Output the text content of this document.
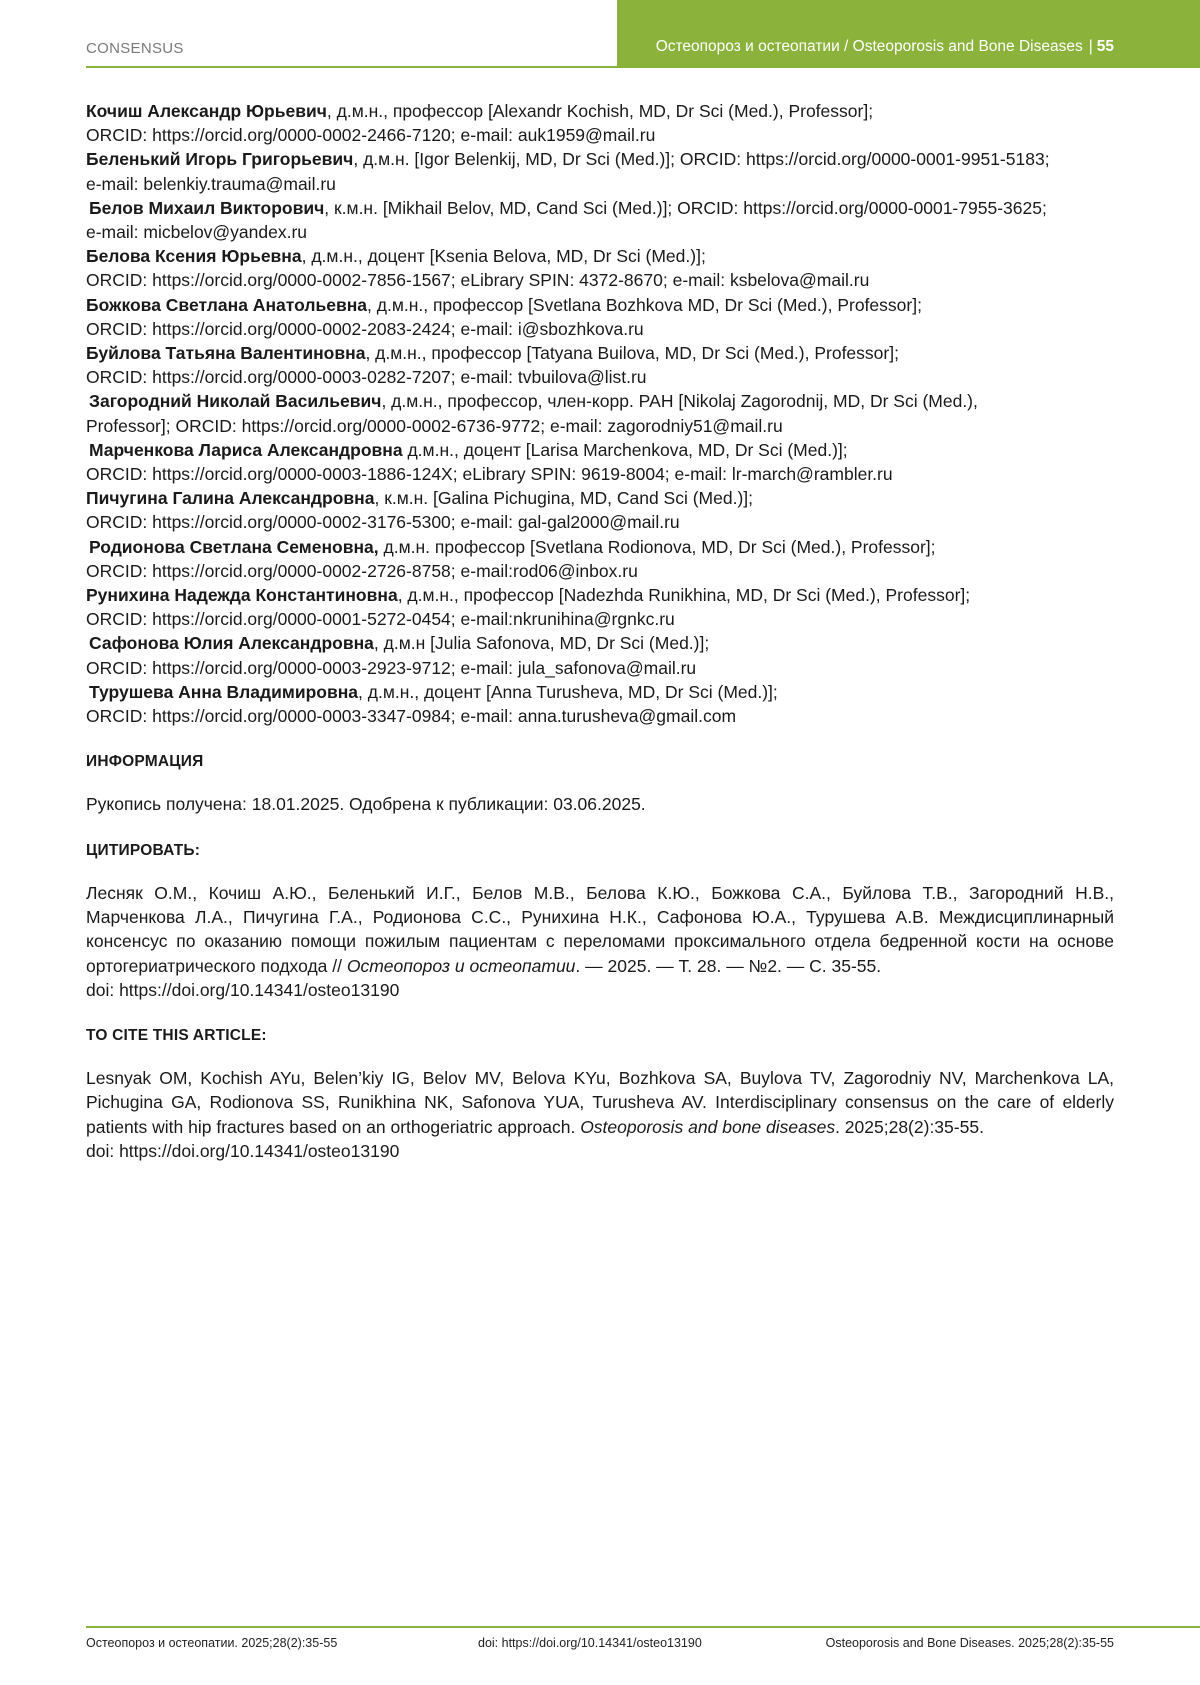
CONSENSUS	Остеопороз и остеопатии / Osteoporosis and Bone Diseases | 55
Кочиш Александр Юрьевич, д.м.н., профессор [Alexandr Kochish, MD, Dr Sci (Med.), Professor];
ORCID: https://orcid.org/0000-0002-2466-7120; e-mail: auk1959@mail.ru
Беленький Игорь Григорьевич, д.м.н. [Igor Belenkij, MD, Dr Sci (Med.)]; ORCID: https://orcid.org/0000-0001-9951-5183;
e-mail: belenkiy.trauma@mail.ru
Белов Михаил Викторович, к.м.н. [Mikhail Belov, MD, Cand Sci (Med.)]; ORCID: https://orcid.org/0000-0001-7955-3625;
e-mail: micbelov@yandex.ru
Белова Ксения Юрьевна, д.м.н., доцент [Ksenia Belova, MD, Dr Sci (Med.)];
ORCID: https://orcid.org/0000-0002-7856-1567; eLibrary SPIN: 4372-8670; e-mail: ksbelova@mail.ru
Божкова Светлана Анатольевна, д.м.н., профессор [Svetlana Bozhkova MD, Dr Sci (Med.), Professor];
ORCID: https://orcid.org/0000-0002-2083-2424; e-mail: i@sbozhkova.ru
Буйлова Татьяна Валентиновна, д.м.н., профессор [Tatyana Builova, MD, Dr Sci (Med.), Professor];
ORCID: https://orcid.org/0000-0003-0282-7207; e-mail: tvbuilova@list.ru
Загородний Николай Васильевич, д.м.н., профессор, член-корр. РАН [Nikolaj Zagorodnij, MD, Dr Sci (Med.),
Professor]; ORCID: https://orcid.org/0000-0002-6736-9772; e-mail: zagorodniy51@mail.ru
Марченкова Лариса Александровна д.м.н., доцент [Larisa Marchenkova, MD, Dr Sci (Med.)];
ORCID: https://orcid.org/0000-0003-1886-124X; eLibrary SPIN: 9619-8004; e-mail: lr-march@rambler.ru
Пичугина Галина Александровна, к.м.н. [Galina Pichugina, MD, Cand Sci (Med.)];
ORCID: https://orcid.org/0000-0002-3176-5300; e-mail: gal-gal2000@mail.ru
Родионова Светлана Семеновна, д.м.н. профессор [Svetlana Rodionova, MD, Dr Sci (Med.), Professor];
ORCID: https://orcid.org/0000-0002-2726-8758; e-mail:rod06@inbox.ru
Рунихина Надежда Константиновна, д.м.н., профессор [Nadezhda Runikhina, MD, Dr Sci (Med.), Professor];
ORCID: https://orcid.org/0000-0001-5272-0454; e-mail:nkrunihina@rgnkc.ru
Сафонова Юлия Александровна, д.м.н [Julia Safonova, MD, Dr Sci (Med.)];
ORCID: https://orcid.org/0000-0003-2923-9712; e-mail: jula_safonova@mail.ru
Турушева Анна Владимировна, д.м.н., доцент [Anna Turusheva, MD, Dr Sci (Med.)];
ORCID: https://orcid.org/0000-0003-3347-0984; e-mail: anna.turusheva@gmail.com
ИНФОРМАЦИЯ
Рукопись получена: 18.01.2025. Одобрена к публикации: 03.06.2025.
ЦИТИРОВАТЬ:
Лесняк О.М., Кочиш А.Ю., Беленький И.Г., Белов М.В., Белова К.Ю., Божкова С.А., Буйлова Т.В., Загородний Н.В., Марченкова Л.А., Пичугина Г.А., Родионова С.С., Рунихина Н.К., Сафонова Ю.А., Турушева А.В. Междисциплинарный консенсус по оказанию помощи пожилым пациентам с переломами проксимального отдела бедренной кости на основе ортогериатрического подхода // Остеопороз и остеопатии. — 2025. — Т. 28. — №2. — С. 35-55.
doi: https://doi.org/10.14341/osteo13190
TO CITE THIS ARTICLE:
Lesnyak OM, Kochish AYu, Belen’kiy IG, Belov MV, Belova KYu, Bozhkova SA, Buylova TV, Zagorodniy NV, Marchenkova LA, Pichugina GA, Rodionova SS, Runikhina NK, Safonova YUA, Turusheva AV. Interdisciplinary consensus on the care of elderly patients with hip fractures based on an orthogeriatric approach. Osteoporosis and bone diseases. 2025;28(2):35-55.
doi: https://doi.org/10.14341/osteo13190
Остеопороз и остеопатии. 2025;28(2):35-55	doi: https://doi.org/10.14341/osteo13190	Osteoporosis and Bone Diseases. 2025;28(2):35-55
